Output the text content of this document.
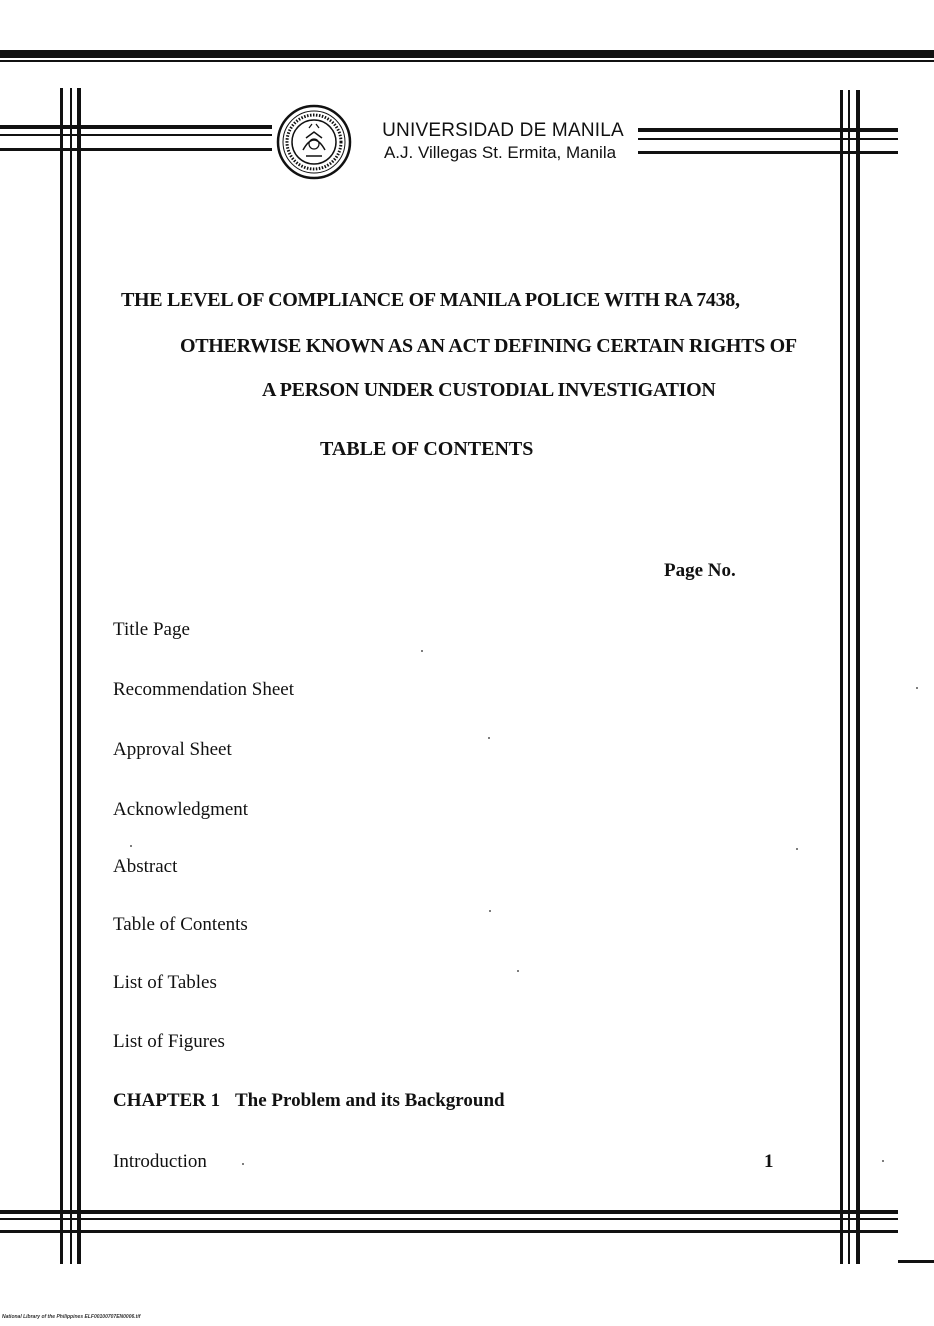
UNIVERSIDAD DE MANILA
A.J. Villegas St. Ermita, Manila
THE LEVEL OF COMPLIANCE OF MANILA POLICE WITH RA 7438,
OTHERWISE KNOWN AS AN ACT DEFINING CERTAIN RIGHTS OF
A PERSON UNDER CUSTODIAL INVESTIGATION
TABLE OF CONTENTS
Page No.
Title Page
Recommendation Sheet
Approval Sheet
Acknowledgment
Abstract
Table of Contents
List of Tables
List of Figures
CHAPTER 1 The Problem and its Background
Introduction	1
National Library of the Philippines ELF00100707EN0006.tif
